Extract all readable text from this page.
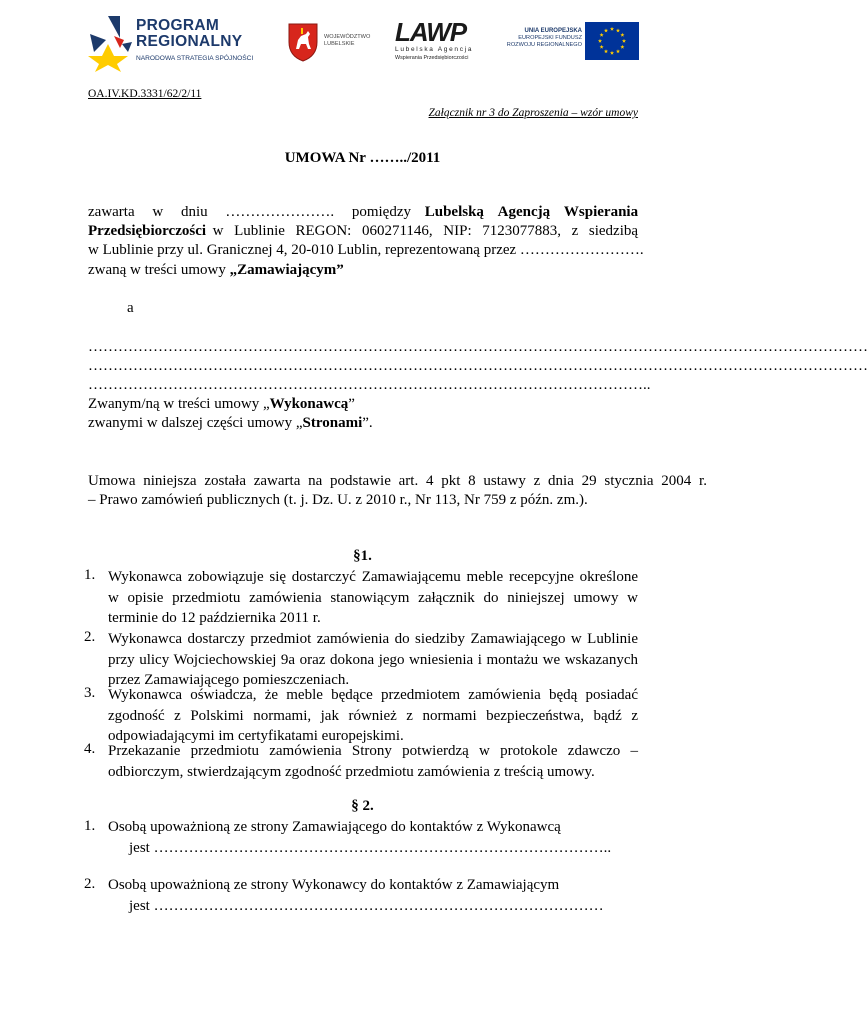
PROGRAM
REGIONALNY
NARODOWA STRATEGIA SPÓJNOŚCI
WOJEWÓDZTWO
LUBELSKIE	LAWP
Lubelska Agencja
Wspierania Przedsiębiorczości
UNIA EUROPEJSKA
EUROPEJSKI FUNDUSZ
ROZWOJU REGIONALNEGO
OA.IV.KD.3331/62/2/11
Załącznik nr 3 do Zaproszenia – wzór umowy
UMOWA Nr ……../2011
zawarta w dniu …………………. pomiędzy Lubelską Agencją Wspierania
Przedsiębiorczości w Lublinie REGON: 060271146, NIP: 7123077883, z siedzibą
w Lublinie przy ul. Granicznej 4, 20-010 Lublin, reprezentowaną przez …………………….
zwaną w treści umowy „Zamawiającym”
a
…………………………………………………………………………………………………………………………………………
…………………………………………………………………………………………………………………………………………
…………………………………………………………………………………………………..
Zwanym/ną w treści umowy „Wykonawcą”
zwanymi w dalszej części umowy „Stronami”.
Umowa niniejsza została zawarta na podstawie art. 4 pkt 8 ustawy z dnia 29 stycznia 2004 r.
– Prawo zamówień publicznych (t. j. Dz. U. z 2010 r., Nr 113, Nr 759 z późn. zm.).
§1.
1. Wykonawca zobowiązuje się dostarczyć Zamawiającemu meble recepcyjne określone w opisie przedmiotu zamówienia stanowiącym załącznik do niniejszej umowy w terminie do 12 października 2011 r.
2. Wykonawca dostarczy przedmiot zamówienia do siedziby Zamawiającego w Lublinie przy ulicy Wojciechowskiej 9a oraz dokona jego wniesienia i montażu we wskazanych przez Zamawiającego pomieszczeniach.
3. Wykonawca oświadcza, że meble będące przedmiotem zamówienia będą posiadać zgodność z Polskimi normami, jak również z normami bezpieczeństwa, bądź z odpowiadającymi im certyfikatami europejskimi.
4. Przekazanie przedmiotu zamówienia Strony potwierdzą w protokole zdawczo – odbiorczym, stwierdzającym zgodność przedmiotu zamówienia z treścią umowy.
§ 2.
1. Osobą upoważnioną ze strony Zamawiającego do kontaktów z Wykonawcą
jest ………………………………………………………………………………..
2. Osobą upoważnioną ze strony Wykonawcy do kontaktów z Zamawiającym
jest ………………………………………………………………………………
